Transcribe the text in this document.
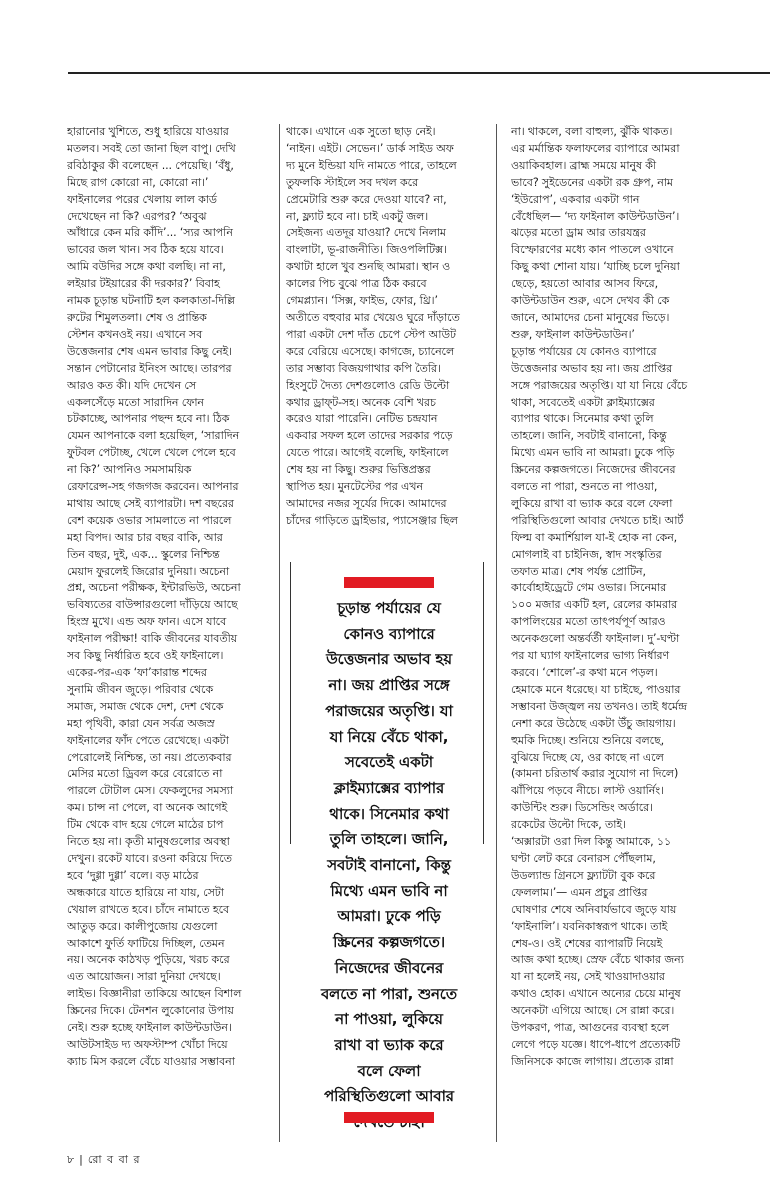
হারানোর খুশিতে, শুধু হারিয়ে যাওয়ার
মতলব। সবই তো জানা ছিল বাপু। দেখি
রবিঠাকুর কী বলেছেন ... পেয়েছি। ‘বঁধু,
মিছে রাগ কোরো না, কোরো না।’
ফাইনালের পরের খেলায় লাল কার্ড
দেখেছেন না কি? এরপর? ‘অবুঝ
আঁধারে কেন মরি কাঁদি’... ‘স্যর আপনি
ভাবের জল খান। সব ঠিক হয়ে যাবে।
আমি বউদির সঙ্গে কথা বলছি। না না,
লইয়ার টইয়ারের কী দরকার?’ বিবাহ
নামক চূড়ান্ত ঘটনাটি হল কলকাতা-দিল্লি
রুটের শিমুলতলা। শেষ ও প্রান্তিক
স্টেশন কখনওই নয়। এখানে সব
উত্তেজনার শেষ এমন ভাবার কিছু নেই।
সন্তান পেটানোর ইনিংস আছে। তারপর
আরও কত কী। যদি দেখেন সে
একলসেঁড়ে মতো সারাদিন ফোন
চটকাচ্ছে, আপনার পছন্দ হবে না। ঠিক
যেমন আপনাকে বলা হয়েছিল, ‘সারাদিন
ফুটবল পেটাচ্ছ, খেলে খেলে পেলে হবে
না কি?’ আপনিও সমসাময়িক
রেফারেন্স-সহ গজগজ করবেন। আপনার
মাথায় আছে সেই ব্যাপারটা। দশ বছরের
বেশ কয়েক ওভার সামলাতে না পারলে
মহা বিপদ। আর চার বছর বাকি, আর
তিন বছর, দুই, এক... স্কুলের নিশ্চিন্ত
মেয়াদ ফুরলেই জিরোর দুনিয়া। অচেনা
প্রশ্ন, অচেনা পরীক্ষক, ইন্টারভিউ, অচেনা
ভবিষ্যতের বাউন্সারগুলো দাঁড়িয়ে আছে
হিংস্র মুখে। এন্ড অফ ফান। এসে যাবে
ফাইনাল পরীক্ষা! বাকি জীবনের যাবতীয়
সব কিছু নির্ধারিত হবে ওই ফাইনালে।
একের-পর-এক ‘ফা’কারান্ত শব্দের
সুনামি জীবন জুড়ে। পরিবার থেকে
সমাজ, সমাজ থেকে দেশ, দেশ থেকে
মহা পৃথিবী, কারা যেন সর্বত্র অজস্র
ফাইনালের ফাঁদ পেতে রেখেছে। একটা
পেরোলেই নিশ্চিন্ত, তা নয়। প্রত্যেকবার
মেসির মতো ড্রিবল করে বেরোতে না
পারলে টোটাল মেস। ফেকলুদের সমস্যা
কম। চান্স না পেলে, বা অনেক আগেই
টিম থেকে বাদ হয়ে গেলে মাঠের চাপ
নিতে হয় না। কৃতী মানুষগুলোর অবস্থা
দেখুন। রকেট যাবে। রওনা করিয়ে দিতে
হবে ‘দুগ্গা দুগ্গা’ বলে। বড় মাঠের
অন্ধকারে যাতে হারিয়ে না যায়, সেটা
খেয়াল রাখতে হবে। চাঁদে নামাতে হবে
আতুড় করে। কালীপুজোয় যেগুলো
আকাশে ফুর্তি ফাটিয়ে দিচ্ছিল, তেমন
নয়। অনেক কাঠখড় পুড়িয়ে, খরচ করে
এত আয়োজন। সারা দুনিয়া দেখছে।
লাইভ। বিজ্ঞানীরা তাকিয়ে আছেন বিশাল
স্ক্রিনের দিকে। টেনশন লুকোনোর উপায়
নেই। শুরু হচ্ছে ফাইনাল কাউন্টডাউন।
আউটসাইড দ্য অফস্টাম্প খোঁচা দিয়ে
ক্যাচ মিস করলে বেঁচে যাওয়ার সম্ভাবনা
থাকে। এখানে এক সুতো ছাড় নেই।
‘নাইন। এইট। সেভেন।’ ডার্ক সাইড অফ
দ্য মুনে ইন্ডিয়া যদি নামতে পারে, তাহলে
তুফলকি স্টাইলে সব দখল করে
প্রেমেটারি শুরু করে দেওয়া যাবে? না,
না, ফ্ল্যাট হবে না। চাই একটু জল।
সেইজন্য এতদূর যাওয়া? দেখে নিলাম
বাংলাটা, ভূ-রাজনীতি। জিওপলিটিক্স।
কথাটা হালে খুব শুনছি আমরা। স্থান ও
কালের পিচ বুঝে পাত্র ঠিক করবে
গেমপ্ল্যান। ‘সিক্স, ফাইভ, ফোর, থ্রি।’
অতীতে বহুবার মার খেয়েও ঘুরে দাঁড়াতে
পারা একটা দেশ দাঁত চেপে স্টেপ আউট
করে বেরিয়ে এসেছে। কাগজে, চ্যানেলে
তার সম্ভাব্য বিজয়গাথার কপি তৈরি।
হিংসুটে দৈত্য দেশগুলোও রেডি উল্টো
কথার ড্রাফ্‌ট-সহ। অনেক বেশি খরচ
করেও যারা পারেনি। নেটিভ চন্দ্রযান
একবার সফল হলে তাদের সরকার পড়ে
যেতে পারে। আগেই বলেছি, ফাইনালে
শেষ হয় না কিছু। শুরুর ভিত্তিপ্রস্তর
স্থাপিত হয়। মুনটেস্টের পর এখন
আমাদের নজর সূর্যের দিকে। আমাদের
চাঁদের গাড়িতে ড্রাইভার, প্যাসেঞ্জার ছিল
না। থাকলে, বলা বাহুল্য, ঝুঁকি থাকত।
এর মর্মান্তিক ফলাফলের ব্যাপারে আমরা
ওয়াকিবহাল। ব্রাহ্ম সময়ে মানুষ কী
ভাবে? সুইডেনের একটা রক গ্রুপ, নাম
‘ইউরোপ’, একবার একটা গান
বেঁধেছিল— ‘দ্য ফাইনাল কাউন্টডাউন’।
ঝড়ের মতো ড্রাম আর তারযন্ত্রর
বিস্ফোরণের মধ্যে কান পাতলে ওখানে
কিছু কথা শোনা যায়। ‘যাচ্ছি চলে দুনিয়া
ছেড়ে, হয়তো আবার আসব ফিরে,
কাউন্টডাউন শুরু, এসে দেখব কী কে
জানে, আমাদের চেনা মানুষের ভিড়ে।
শুরু, ফাইনাল কাউন্টডাউন।’
চূড়ান্ত পর্যায়ের যে কোনও ব্যাপারে
উত্তেজনার অভাব হয় না। জয় প্রাপ্তির
সঙ্গে পরাজয়ের অতৃপ্তি। যা যা নিয়ে বেঁচে
থাকা, সবেতেই একটা ক্লাইম্যাক্সের
ব্যাপার থাকে। সিনেমার কথা তুলি
তাহলে। জানি, সবটাই বানানো, কিন্তু
মিথ্যে এমন ভাবি না আমরা। ঢুকে পড়ি
স্ক্রিনের কল্পজগতে। নিজেদের জীবনের
বলতে না পারা, শুনতে না পাওয়া,
লুকিয়ে রাখা বা ভ্যাক করে বলে ফেলা
পরিস্থিতিগুলো আবার দেখতে চাই। আর্ট
ফিল্ম বা কমার্শিয়াল যা-ই হোক না কেন,
মোগলাই বা চাইনিজ, স্বাদ সংস্কৃতির
তফাত মাত্র। শেষ পর্যন্ত প্রোটিন,
কার্বোহাইড্রেটে গেম ওভার। সিনেমার
১০০ মজার একটি হল, রেলের কামরার
কাপলিংয়ের মতো তাৎপর্যপূর্ণ আরও
অনেকগুলো অন্তর্বর্তী ফাইনাল। দু’-ঘণ্টা
পর যা ঘ্যাগ ফাইনালের ভাগ্য নির্ধারণ
করবে। ‘শোলে’-র কথা মনে পড়ল।
হেমাকে মনে ধরেছে। যা চাইছে, পাওয়ার
সম্ভাবনা উজ্জ্বল নয় তখনও। তাই ধর্মেন্দ্র
নেশা করে উঠেছে একটা উঁচু জায়গায়।
হুমকি দিচ্ছে। শুনিয়ে শুনিয়ে বলছে,
বুঝিয়ে দিচ্ছে যে, ওর কাছে না এলে
(কামনা চরিতার্থ করার সুযোগ না দিলে)
ঝাঁপিয়ে পড়বে নীচে। লাস্ট ওয়ার্নিং।
কাউন্টিং শুরু। ডিসেন্ডিং অর্ডারে।
রকেটের উল্টো দিকে, তাই।
‘অক্সারটা ওরা দিল কিন্তু আমাকে, ১১
ঘণ্টা লেট করে বেনারস পৌঁছলাম,
উডল্যান্ড গ্রিনসে ফ্ল্যাটটা বুক করে
ফেললাম।’— এমন প্রচুর প্রাপ্তির
ঘোষণার শেষে অনিবার্যভাবে জুড়ে যায়
‘ফাইনালি’। যবনিকাস্বরূপ থাকে। তাই
শেষ-ও। ওই শেষের ব্যাপারটি নিয়েই
আজ কথা হচ্ছে। স্রেফ বেঁচে থাকার জন্য
যা না হলেই নয়, সেই খাওয়াদাওয়ার
কথাও হোক। এখানে অন্যের চেয়ে মানুষ
অনেকটা এগিয়ে আছে। সে রান্না করে।
উপকরণ, পাত্র, আগুনের ব্যবস্থা হলে
লেগে পড়ে যজ্ঞে। ধাপে-ধাপে প্রত্যেকটি
জিনিসকে কাজে লাগায়। প্রত্যেক রান্না
চূড়ান্ত পর্যায়ের যে
কোনও ব্যাপারে
উত্তেজনার অভাব হয়
না। জয় প্রাপ্তির সঙ্গে
পরাজয়ের অতৃপ্তি। যা
যা নিয়ে বেঁচে থাকা,
সবেতেই একটা
ক্লাইম্যাক্সের ব্যাপার
থাকে। সিনেমার কথা
তুলি তাহলে। জানি,
সবটাই বানানো, কিন্তু
মিথ্যে এমন ভাবি না
আমরা। ঢুকে পড়ি
স্ক্রিনের কল্পজগতে।
নিজেদের জীবনের
বলতে না পারা, শুনতে
না পাওয়া, লুকিয়ে
রাখা বা ভ্যাক করে
বলে ফেলা
পরিস্থিতিগুলো আবার
৮ | রো ব বা র
